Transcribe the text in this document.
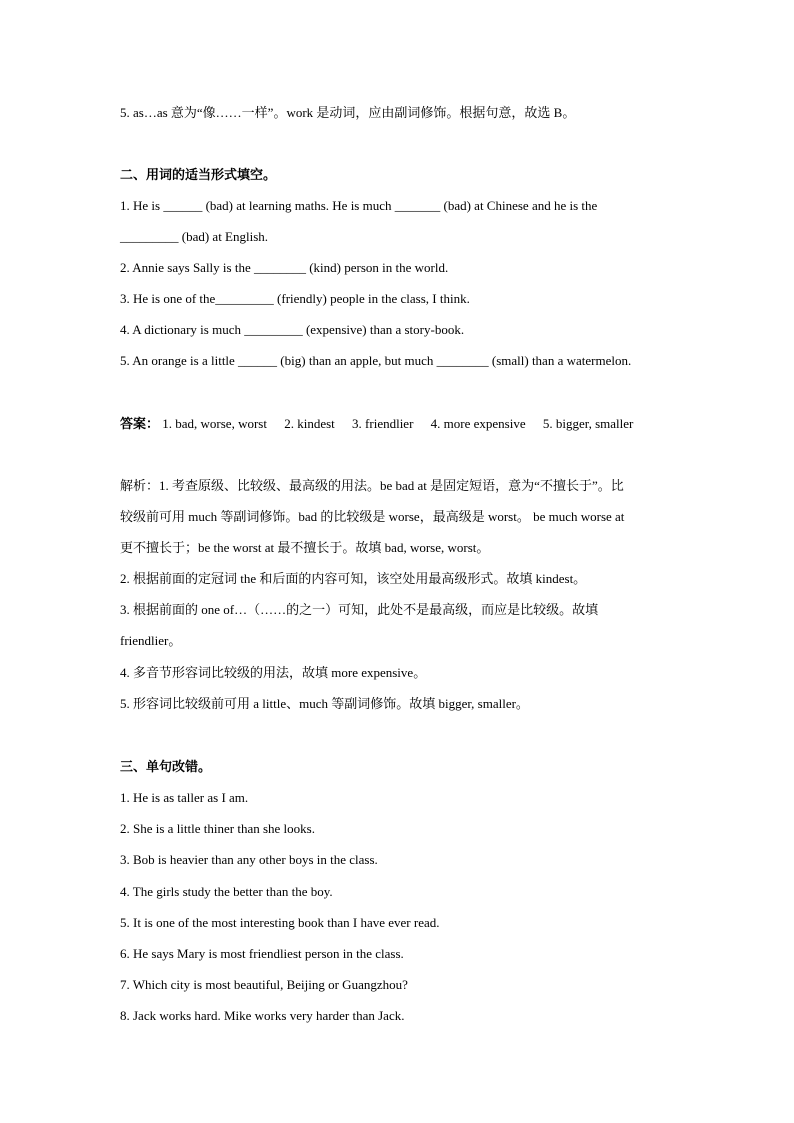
5. as…as 意为“像……一样”。work 是动词，应由副词修饰。根据句意，故选 B。
二、用词的适当形式填空。
1. He is ______ (bad) at learning maths. He is much _______ (bad) at Chinese and he is the
_________ (bad) at English.
2. Annie says Sally is the ________ (kind) person in the world.
3. He is one of the_________ (friendly) people in the class, I think.
4. A dictionary is much _________ (expensive) than a story-book.
5. An orange is a little ______ (big) than an apple, but much ________ (small) than a watermelon.
答案： 1. bad, worse, worst 2. kindest 3. friendlier 4. more expensive 5. bigger, smaller
解析：1. 考查原级、比较级、最高级的用法。be bad at 是固定短语，意为“不擅长于”。比
较级前可用 much 等副词修饰。bad 的比较级是 worse，最高级是 worst。 be much worse at
更不擅长于；be the worst at 最不擅长于。故填 bad, worse, worst。
2. 根据前面的定冠词 the 和后面的内容可知，该空处用最高级形式。故填 kindest。
3. 根据前面的 one of…（……的之一）可知，此处不是最高级，而应是比较级。故填
friendlier。
4. 多音节形容词比较级的用法，故填 more expensive。
5. 形容词比较级前可用 a little、much 等副词修饰。故填 bigger, smaller。
三、单句改错。
1. He is as taller as I am.
2. She is a little thiner than she looks.
3. Bob is heavier than any other boys in the class.
4. The girls study the better than the boy.
5. It is one of the most interesting book than I have ever read.
6. He says Mary is most friendliest person in the class.
7. Which city is most beautiful, Beijing or Guangzhou?
8. Jack works hard. Mike works very harder than Jack.
